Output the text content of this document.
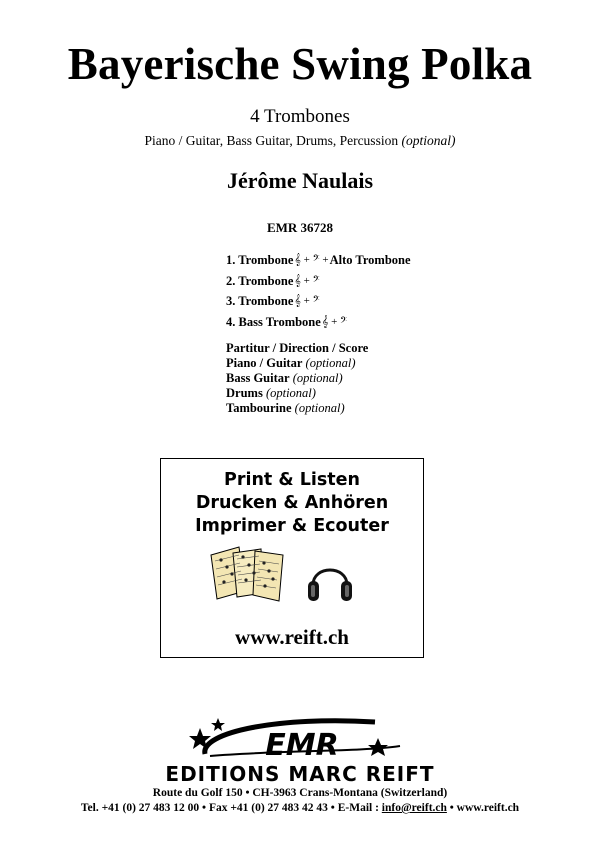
Bayerische Swing Polka
4 Trombones
Piano / Guitar, Bass Guitar, Drums, Percussion (optional)
Jérôme Naulais
EMR 36728
1. Trombone 𝄞 + 𝄢 + Alto Trombone
2. Trombone 𝄞 + 𝄢
3. Trombone 𝄞 + 𝄢
4. Bass Trombone 𝄞 + 𝄢
Partitur / Direction / Score
Piano / Guitar (optional)
Bass Guitar (optional)
Drums (optional)
Tambourine (optional)
Print & Listen
Drucken & Anhören
Imprimer & Ecouter
www.reift.ch
EMR
EDITIONS MARC REIFT
Route du Golf 150 • CH-3963 Crans-Montana (Switzerland)
Tel. +41 (0) 27 483 12 00 • Fax +41 (0) 27 483 42 43 • E-Mail : info@reift.ch • www.reift.ch
